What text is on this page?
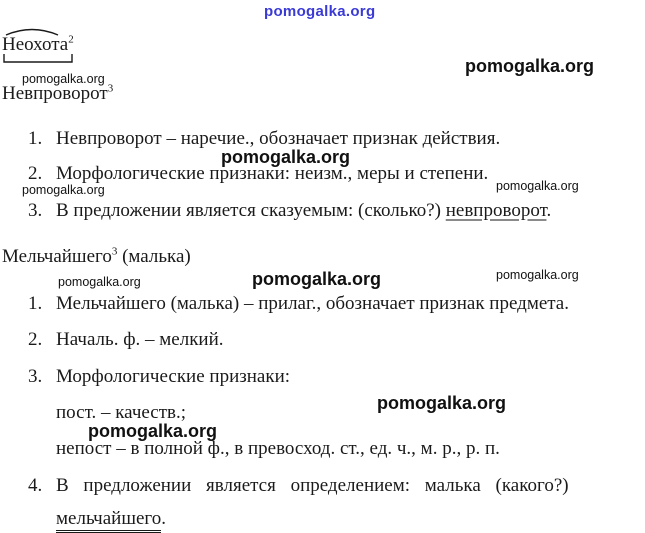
pomogalka.org
pomogalka.org
pomogalka.org
pomogalka.org
pomogalka.org	pomogalka.org
pomogalka.org
pomogalka.org	pomogalka.org
pomogalka.org
pomogalka.org
Неохота$^2$
Невпроворот$^3$
1. Невпроворот – наречие., обозначает признак действия.
2. Морфологические признаки: неизм., меры и степени.
3. В предложении является сказуемым: (сколько?) невпроворот.
Мельчайшего$^3$ (малька)
1. Мельчайшего (малька) – прилаг., обозначает признак предмета.
2. Началь. ф. – мелкий.
3. Морфологические признаки:
пост. – качеств.;
непост – в полной ф., в превосход. ст., ед. ч., м. р., р. п.
4. В предложении является определением: малька (какого?)
мельчайшего.
